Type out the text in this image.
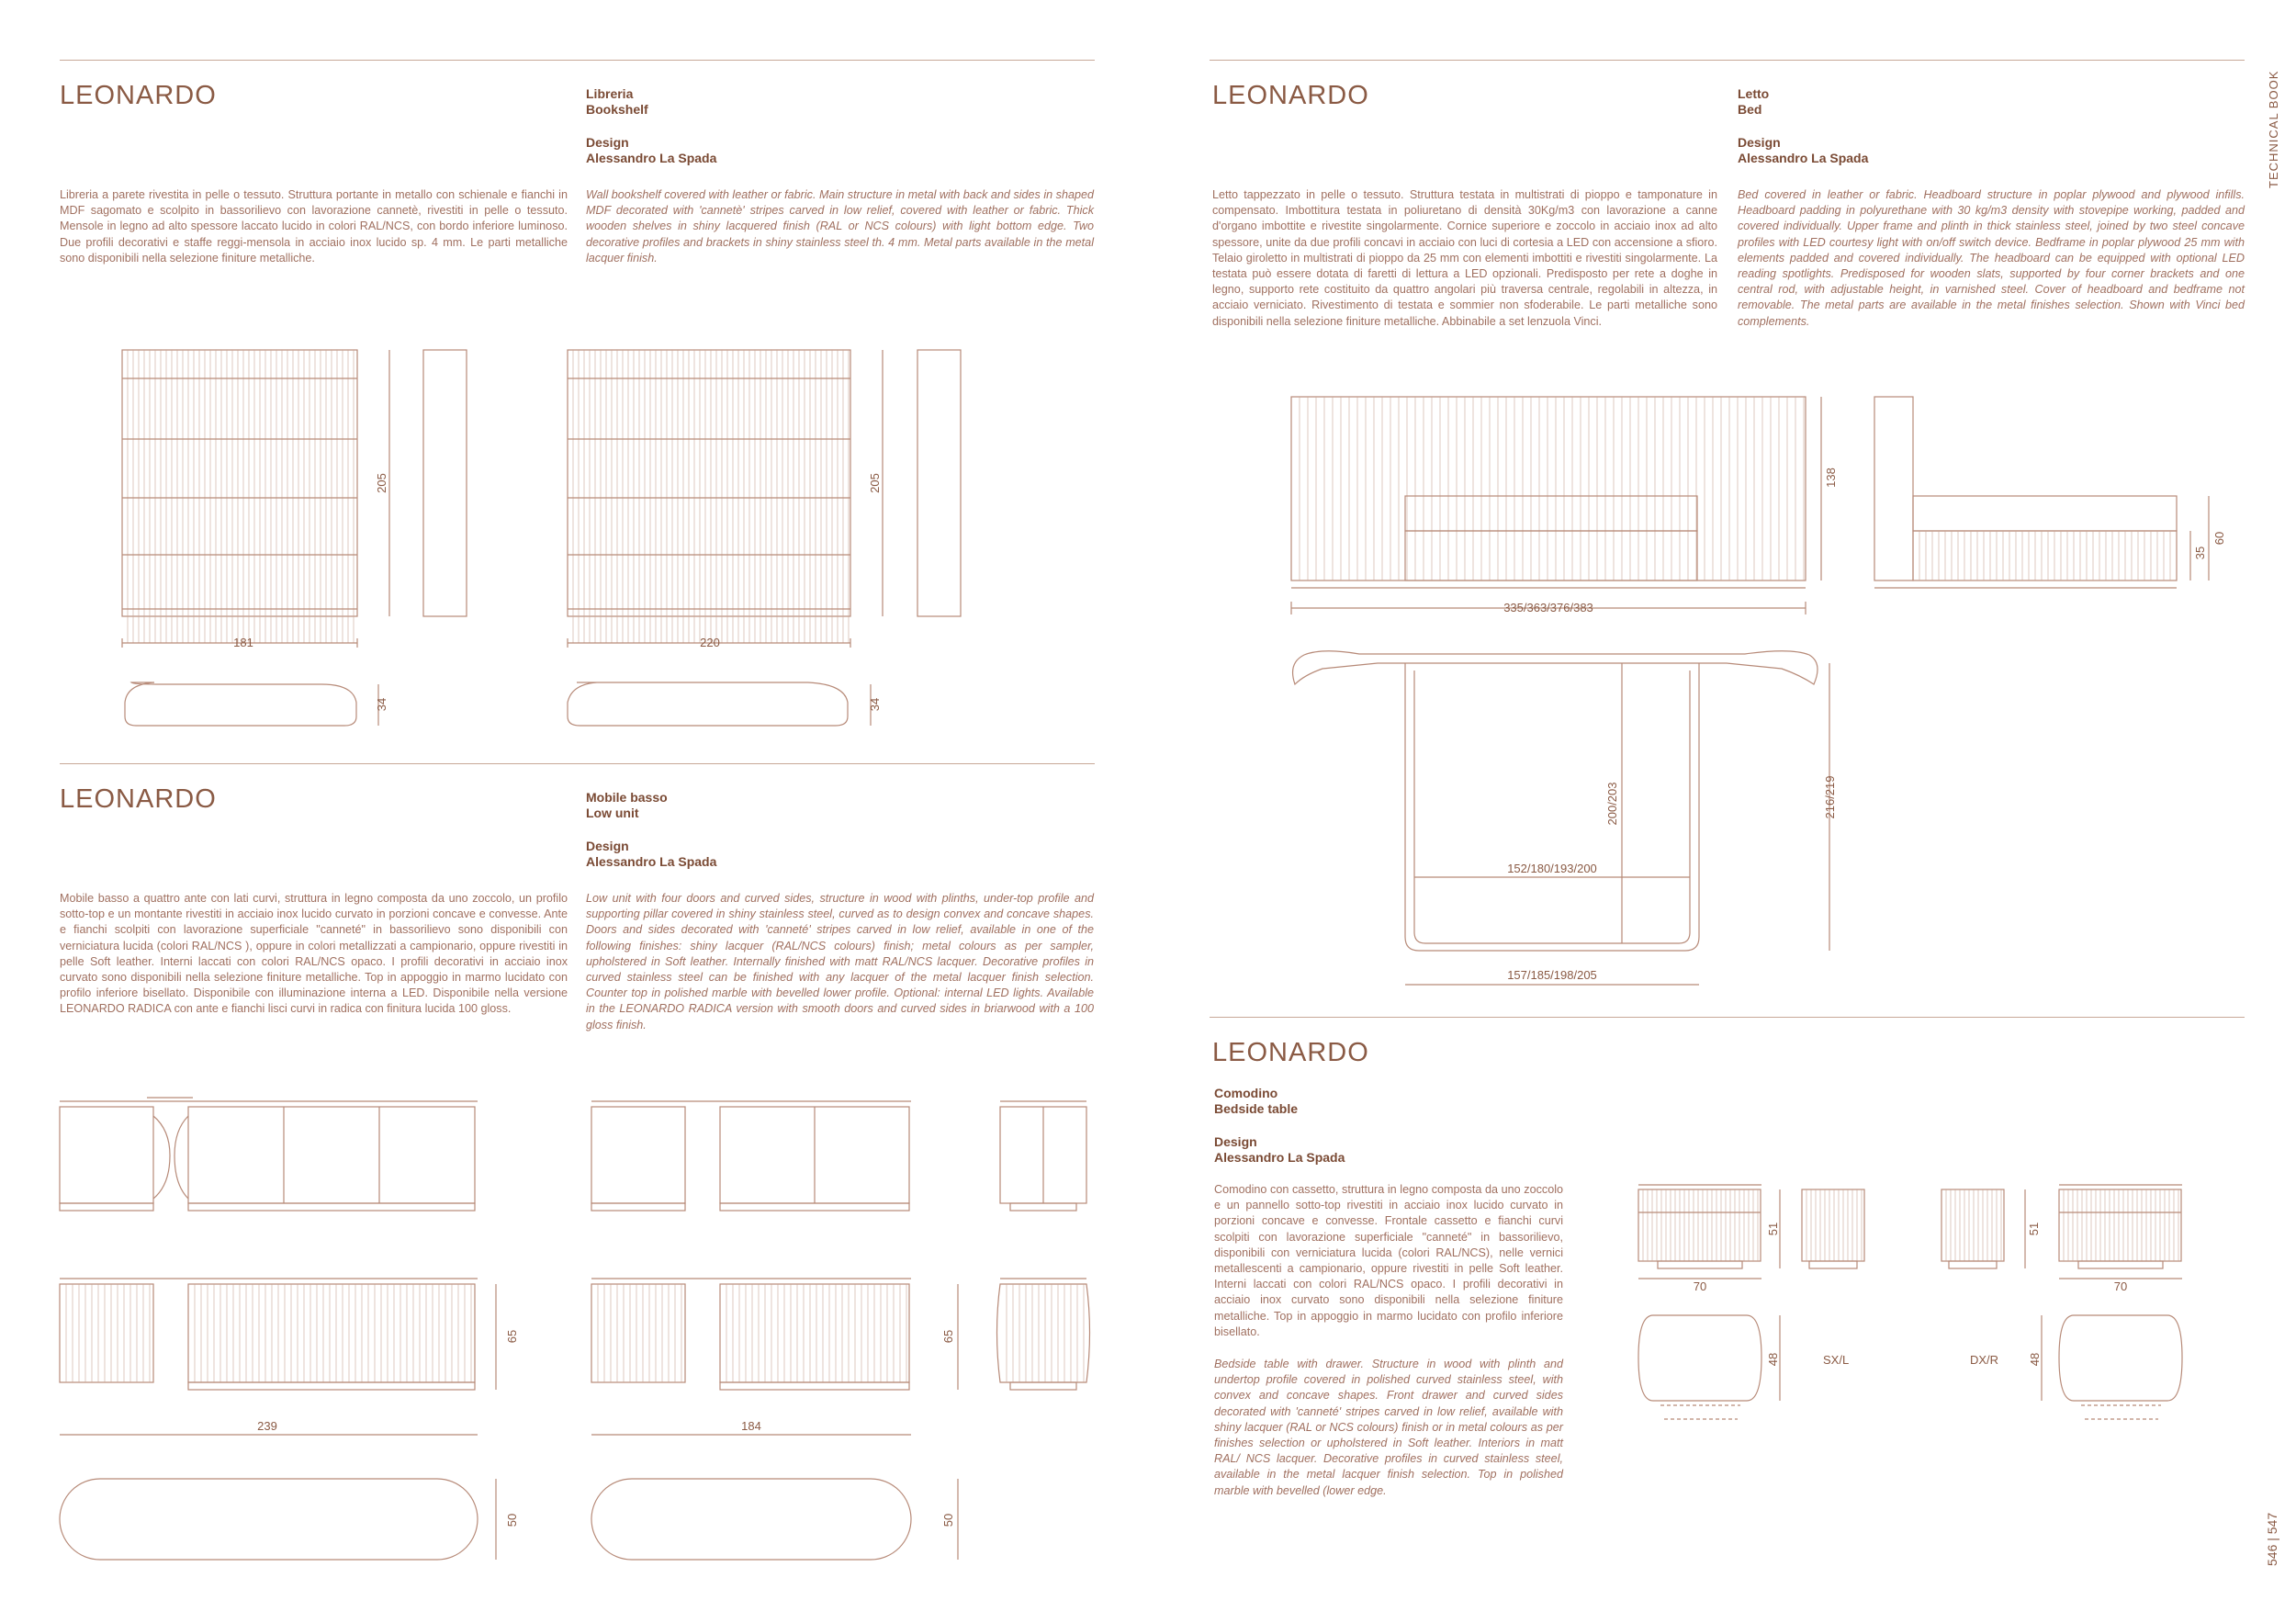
LEONARDO	Libreria
Bookshelf
Design
Alessandro La Spada
Libreria a parete rivestita in pelle o tessuto. Struttura portante in metallo con schienale e fianchi in MDF sagomato e scolpito in bassorilievo con lavorazione cannetè, rivestiti in pelle o tessuto. Mensole in legno ad alto spessore laccato lucido in colori RAL/NCS, con bordo inferiore luminoso. Due profili decorativi e staffe reggi-mensola in acciaio inox lucido sp. 4 mm. Le parti metalliche sono disponibili nella selezione finiture metalliche.
Wall bookshelf covered with leather or fabric. Main structure in metal with back and sides in shaped MDF decorated with 'cannetè' stripes carved in low relief, covered with leather or fabric. Thick wooden shelves in shiny lacquered finish (RAL or NCS colours) with light bottom edge. Two decorative profiles and brackets in shiny stainless steel th. 4 mm. Metal parts available in the metal lacquer finish.
LEONARDO	Mobile basso
Low unit
Design
Alessandro La Spada
Mobile basso a quattro ante con lati curvi, struttura in legno composta da uno zoccolo, un profilo sotto-top e un montante rivestiti in acciaio inox lucido curvato in porzioni concave e convesse. Ante e fianchi scolpiti con lavorazione superficiale "canneté" in bassorilievo sono disponibili con verniciatura lucida (colori RAL/NCS ), oppure in colori metallizzati a campionario, oppure rivestiti in pelle Soft leather. Interni laccati con colori RAL/NCS opaco. I profili decorativi in acciaio inox curvato sono disponibili nella selezione finiture metalliche. Top in appoggio in marmo lucidato con profilo inferiore bisellato. Disponibile con illuminazione interna a LED. Disponibile nella versione LEONARDO RADICA con ante e fianchi lisci curvi in radica con finitura lucida 100 gloss.
Low unit with four doors and curved sides, structure in wood with plinths, under-top profile and supporting pillar covered in shiny stainless steel, curved as to design convex and concave shapes. Doors and sides decorated with 'canneté' stripes carved in low relief, available in one of the following finishes: shiny lacquer (RAL/NCS colours) finish; metal colours as per sampler, upholstered in Soft leather. Internally finished with matt RAL/NCS lacquer. Decorative profiles in curved stainless steel can be finished with any lacquer of the metal lacquer finish selection. Counter top in polished marble with bevelled lower profile. Optional: internal LED lights. Available in the LEONARDO RADICA version with smooth doors and curved sides in briarwood with a 100 gloss finish.
LEONARDO	Letto
Bed
Design
Alessandro La Spada
Letto tappezzato in pelle o tessuto. Struttura testata in multistrati di pioppo e tamponature in compensato. Imbottitura testata in poliuretano di densità 30Kg/m3 con lavorazione a canne d'organo imbottite e rivestite singolarmente. Cornice superiore e zoccolo in acciaio inox ad alto spessore, unite da due profili concavi in acciaio con luci di cortesia a LED con accensione a sfioro. Telaio giroletto in multistrati di pioppo da 25 mm con elementi imbottiti e rivestiti singolarmente. La testata può essere dotata di faretti di lettura a LED opzionali. Predisposto per rete a doghe in legno, supporto rete costituito da quattro angolari più traversa centrale, regolabili in altezza, in acciaio verniciato. Rivestimento di testata e sommier non sfoderabile. Le parti metalliche sono disponibili nella selezione finiture metalliche. Abbinabile a set lenzuola Vinci.
Bed covered in leather or fabric. Headboard structure in poplar plywood and plywood infills. Headboard padding in polyurethane with 30 kg/m3 density with stovepipe working, padded and covered individually. Upper frame and plinth in thick stainless steel, joined by two steel concave profiles with LED courtesy light with on/off switch device. Bedframe in poplar plywood 25 mm with elements padded and covered individually. The headboard can be equipped with optional LED reading spotlights. Predisposed for wooden slats, supported by four corner brackets and one central rod, with adjustable height, in varnished steel. Cover of headboard and bedframe not removable. The metal parts are available in the metal finishes selection. Shown with Vinci bed complements.
LEONARDO
Comodino
Bedside table
Design
Alessandro La Spada
Comodino con cassetto, struttura in legno composta da uno zoccolo e un pannello sotto-top rivestiti in acciaio inox lucido curvato in porzioni concave e convesse. Frontale cassetto e fianchi curvi scolpiti con lavorazione superficiale "canneté" in bassorilievo, disponibili con verniciatura lucida (colori RAL/NCS), nelle vernici metallescenti a campionario, oppure rivestiti in pelle Soft leather. Interni laccati con colori RAL/NCS opaco. I profili decorativi in acciaio inox curvato sono disponibili nella selezione finiture metalliche. Top in appoggio in marmo lucidato con profilo inferiore bisellato.
Bedside table with drawer. Structure in wood with plinth and undertop profile covered in polished curved stainless steel, with convex and concave shapes. Front drawer and curved sides decorated with 'canneté' stripes carved in low relief, available with shiny lacquer (RAL or NCS colours) finish or in metal colours as per finishes selection or upholstered in Soft leather. Interiors in matt RAL/ NCS lacquer. Decorative profiles in curved stainless steel, available in the metal lacquer finish selection. Top in polished marble with bevelled (lower edge.
TECHNICAL BOOK
546 | 547
181	220
205	205
34	34
239
65
50
184
65
50
335/363/376/383
138
35
60
152/180/193/200
200/203	216/219
157/185/198/205
51
70
48	SX/L
51
70
DX/R 48
